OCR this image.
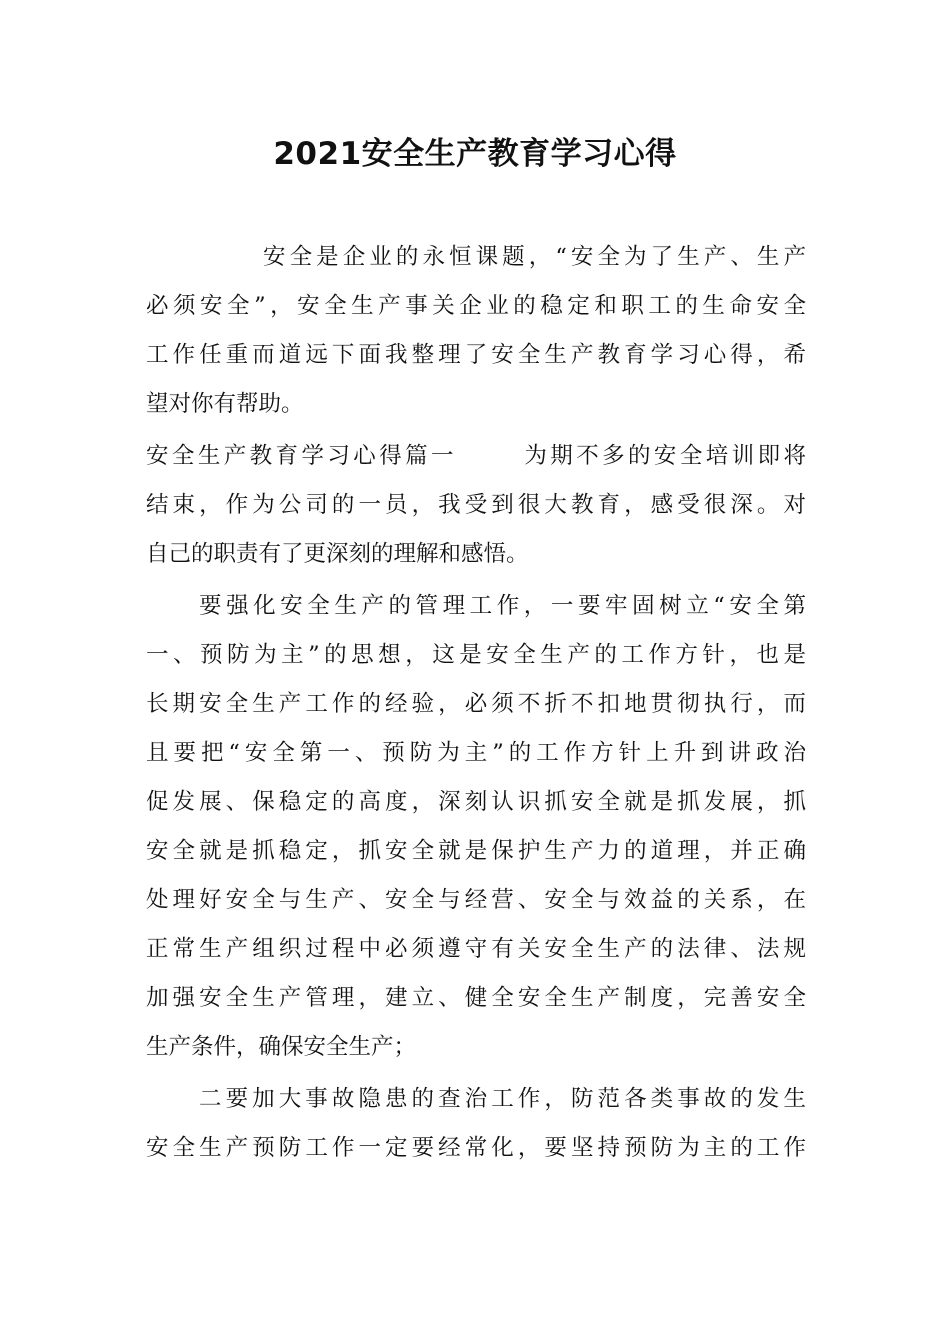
2021安全生产教育学习心得
安全是企业的永恒课题，“安全为了生产、生产
必须安全”，安全生产事关企业的稳定和职工的生命安全
工作任重而道远下面我整理了安全生产教育学习心得，希
望对你有帮助。
安全生产教育学习心得篇一	为期不多的安全培训即将
结束，作为公司的一员，我受到很大教育，感受很深。对
自己的职责有了更深刻的理解和感悟。
要强化安全生产的管理工作，一要牢固树立“安全第
一、预防为主”的思想，这是安全生产的工作方针，也是
长期安全生产工作的经验，必须不折不扣地贯彻执行，而
且要把“安全第一、预防为主”的工作方针上升到讲政治
促发展、保稳定的高度，深刻认识抓安全就是抓发展，抓
安全就是抓稳定，抓安全就是保护生产力的道理，并正确
处理好安全与生产、安全与经营、安全与效益的关系，在
正常生产组织过程中必须遵守有关安全生产的法律、法规
加强安全生产管理，建立、健全安全生产制度，完善安全
生产条件，确保安全生产；
二要加大事故隐患的查治工作，防范各类事故的发生
安全生产预防工作一定要经常化，要坚持预防为主的工作
